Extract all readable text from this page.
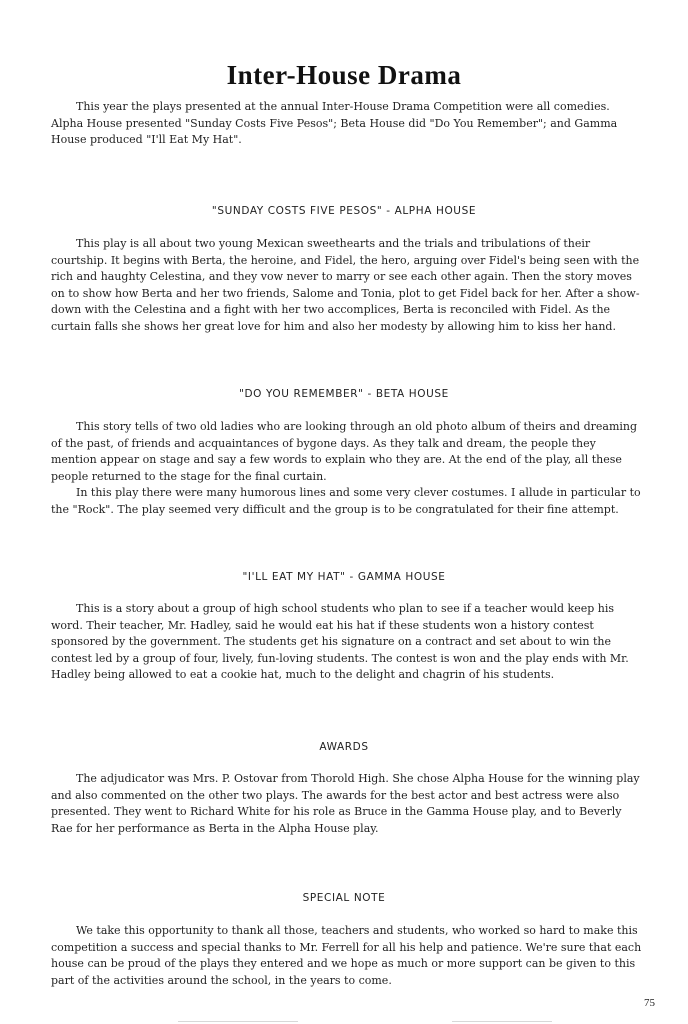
Inter-House Drama

This year the plays presented at the annual Inter-House Drama Competition were all comedies. Alpha House presented "Sunday Costs Five Pesos"; Beta House did "Do You Remember"; and Gamma House produced "I'll Eat My Hat".

"SUNDAY COSTS FIVE PESOS" - ALPHA HOUSE

This play is all about two young Mexican sweethearts and the trials and tribulations of their courtship. It begins with Berta, the heroine, and Fidel, the hero, arguing over Fidel's being seen with the rich and haughty Celestina, and they vow never to marry or see each other again. Then the story moves on to show how Berta and her two friends, Salome and Tonia, plot to get Fidel back for her. After a show-down with the Celestina and a fight with her two accomplices, Berta is reconciled with Fidel. As the curtain falls she shows her great love for him and also her modesty by allowing him to kiss her hand.

"DO YOU REMEMBER" - BETA HOUSE

This story tells of two old ladies who are looking through an old photo album of theirs and dreaming of the past, of friends and acquaintances of bygone days. As they talk and dream, the people they mention appear on stage and say a few words to explain who they are. At the end of the play, all these people returned to the stage for the final curtain.

In this play there were many humorous lines and some very clever costumes. I allude in particular to the "Rock". The play seemed very difficult and the group is to be congratulated for their fine attempt.

"I'LL EAT MY HAT" - GAMMA HOUSE

This is a story about a group of high school students who plan to see if a teacher would keep his word. Their teacher, Mr. Hadley, said he would eat his hat if these students won a history contest sponsored by the government. The students get his signature on a contract and set about to win the contest led by a group of four, lively, fun-loving students. The contest is won and the play ends with Mr. Hadley being allowed to eat a cookie hat, much to the delight and chagrin of his students.

AWARDS

The adjudicator was Mrs. P. Ostovar from Thorold High. She chose Alpha House for the winning play and also commented on the other two plays. The awards for the best actor and best actress were also presented. They went to Richard White for his role as Bruce in the Gamma House play, and to Beverly Rae for her performance as Berta in the Alpha House play.

SPECIAL NOTE

We take this opportunity to thank all those, teachers and students, who worked so hard to make this competition a success and special thanks to Mr. Ferrell for all his help and patience. We're sure that each house can be proud of the plays they entered and we hope as much or more support can be given to this part of the activities around the school, in the years to come.

75
